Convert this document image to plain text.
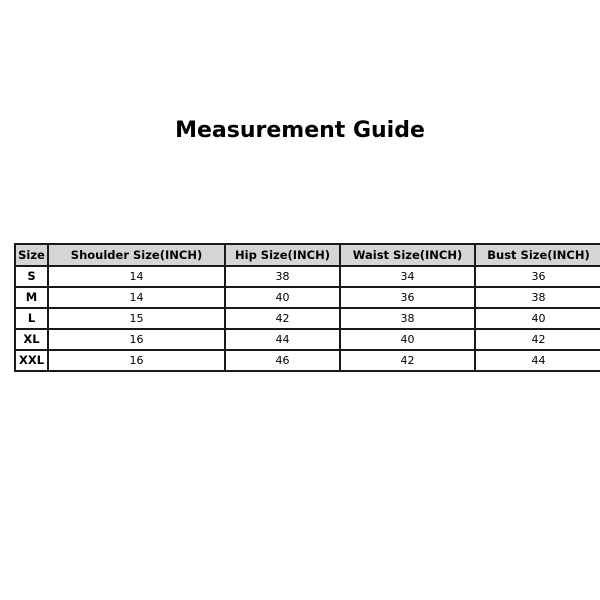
Measurement Guide
Size	Shoulder Size(INCH)	Hip Size(INCH)	Waist Size(INCH)	Bust Size(INCH)
S	14	38	34	36
M	14	40	36	38
L	15	42	38	40
XL	16	44	40	42
XXL	16	46	42	44
